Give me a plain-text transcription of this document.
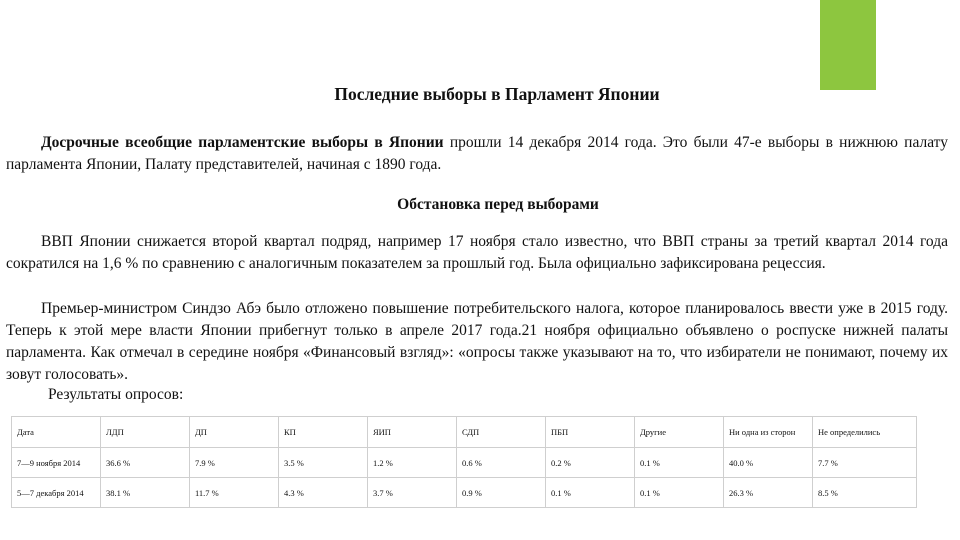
Последние выборы в Парламент Японии

Досрочные всеобщие парламентские выборы в Японии прошли 14 декабря 2014 года. Это были 47-е выборы в нижнюю палату парламента Японии, Палату представителей, начиная с 1890 года.

Обстановка перед выборами

ВВП Японии снижается второй квартал подряд, например 17 ноября стало известно, что ВВП страны за третий квартал 2014 года сократился на 1,6 % по сравнению с аналогичным показателем за прошлый год. Была официально зафиксирована рецессия.

Премьер-министром Синдзо Абэ было отложено повышение потребительского налога, которое планировалось ввести уже в 2015 году. Теперь к этой мере власти Японии прибегнут только в апреле 2017 года.21 ноября официально объявлено о роспуске нижней палаты парламента. Как отмечал в середине ноября «Финансовый взгляд»: «опросы также указывают на то, что избиратели не понимают, почему их зовут голосовать».

Результаты опросов:
Дата	ЛДП	ДП	КП	ЯИП	СДП	ПБП	Другие	Ни одна из сторон	Не определились
7—9 ноября 2014	36.6 %	7.9 %	3.5 %	1.2 %	0.6 %	0.2 %	0.1 %	40.0 %	7.7 %
5—7 декабря 2014	38.1 %	11.7 %	4.3 %	3.7 %	0.9 %	0.1 %	0.1 %	26.3 %	8.5 %
